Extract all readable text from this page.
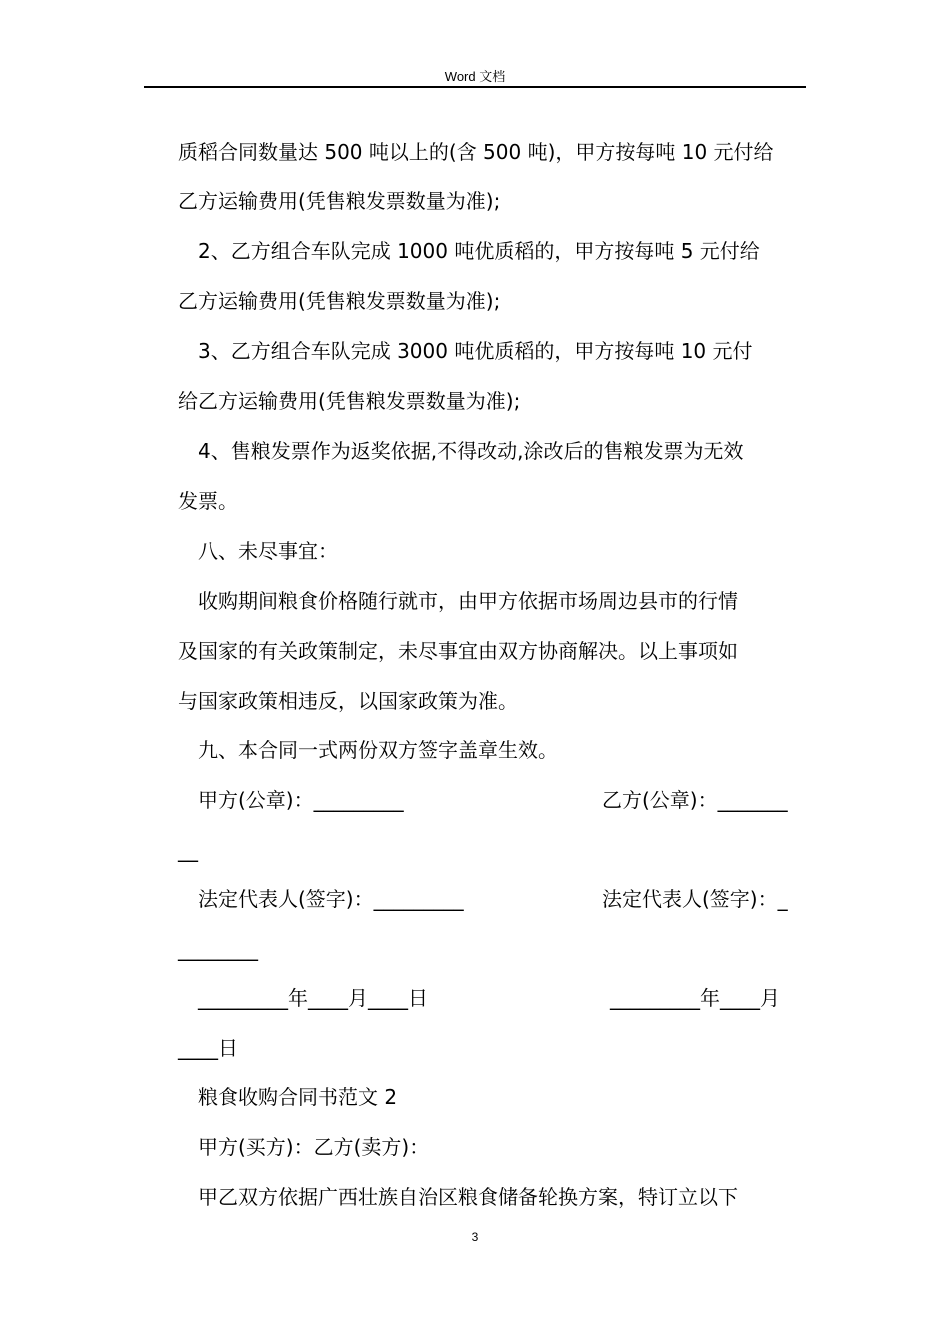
Word 文档
质稻合同数量达 500 吨以上的(含 500 吨)，甲方按每吨 10 元付给
乙方运输费用(凭售粮发票数量为准);
2、乙方组合车队完成 1000 吨优质稻的，甲方按每吨 5 元付给
乙方运输费用(凭售粮发票数量为准);
3、乙方组合车队完成 3000 吨优质稻的，甲方按每吨 10 元付
给乙方运输费用(凭售粮发票数量为准);
4、售粮发票作为返奖依据,不得改动,涂改后的售粮发票为无效
发票。
八、未尽事宜：
收购期间粮食价格随行就市，由甲方依据市场周边县市的行情
及国家的有关政策制定，未尽事宜由双方协商解决。以上事项如
与国家政策相违反，以国家政策为准。
九、本合同一式两份双方签字盖章生效。
甲方(公章)：_________	乙方(公章)：_______
__
法定代表人(签字)：_________	法定代表人(签字)：_
________
_________年____月____日	_________年____月
____日
粮食收购合同书范文 2
甲方(买方)：乙方(卖方)：
甲乙双方依据广西壮族自治区粮食储备轮换方案，特订立以下
3
